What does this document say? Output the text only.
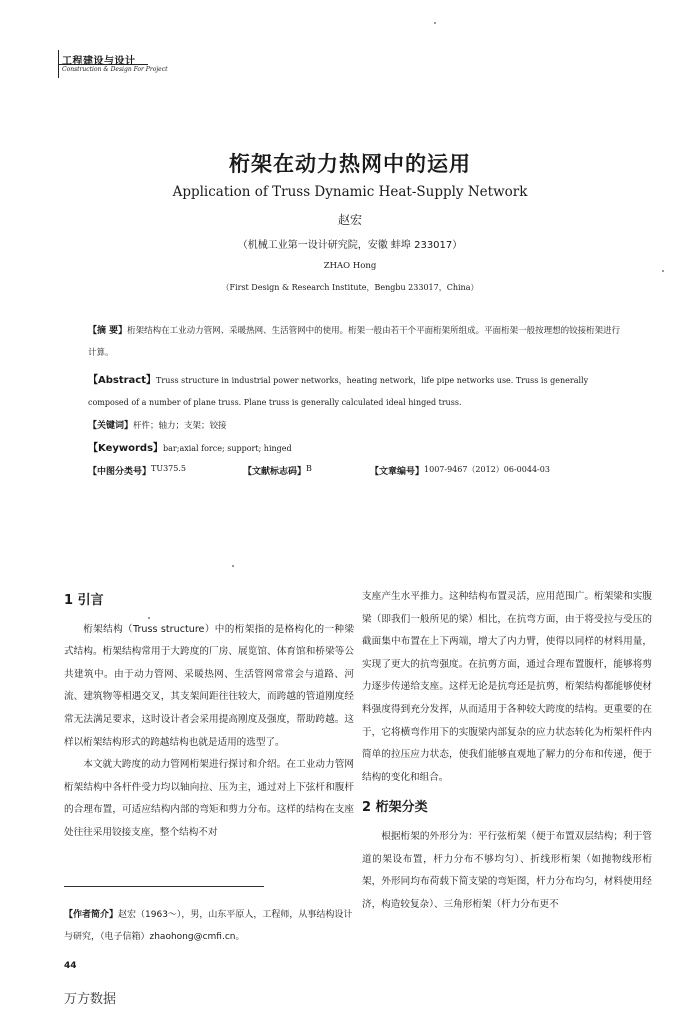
工程建设与设计
Construction & Design For Project
桁架在动力热网中的运用
Application of Truss Dynamic Heat-Supply Network
赵宏
（机械工业第一设计研究院，安徽 蚌埠 233017）
ZHAO Hong
（First Design & Research Institute，Bengbu 233017，China）
【摘 要】桁架结构在工业动力管网、采暖热网、生活管网中的使用。桁架一般由若干个平面桁架所组成。平面桁架一般按理想的铰接桁架进行计算。
【Abstract】Truss structure in industrial power networks，heating network，life pipe networks use. Truss is generally composed of a number of plane truss. Plane truss is generally calculated ideal hinged truss.
【关键词】杆件；轴力；支架；铰接
【Keywords】bar;axial force; support; hinged
【中图分类号】 TU375.5	【文献标志码】 B	【文章编号】 1007-9467（2012）06-0044-03
1 引言
桁架结构（Truss structure）中的桁架指的是格构化的一种梁式结构。桁架结构常用于大跨度的厂房、展览馆、体育馆和桥梁等公共建筑中。由于动力管网、采暖热网、生活管网常常会与道路、河流、建筑物等相遇交叉，其支架间距往往较大，而跨越的管道刚度经常无法满足要求，这时设计者会采用提高刚度及强度，帮助跨越。这样以桁架结构形式的跨越结构也就是适用的选型了。
本文就大跨度的动力管网桁架进行探讨和介绍。在工业动力管网桁架结构中各杆件受力均以轴向拉、压为主，通过对上下弦杆和腹杆的合理布置，可适应结构内部的弯矩和剪力分布。这样的结构在支座处往往采用铰接支座，整个结构不对
支座产生水平推力。这种结构布置灵活，应用范围广。桁架梁和实腹梁（即我们一般所见的梁）相比，在抗弯方面，由于将受拉与受压的截面集中布置在上下两端，增大了内力臂，使得以同样的材料用量，实现了更大的抗弯强度。在抗剪方面，通过合理布置腹杆，能够将剪力逐步传递给支座。这样无论是抗弯还是抗剪，桁架结构都能够使材料强度得到充分发挥，从而适用于各种较大跨度的结构。更重要的在于，它将横弯作用下的实腹梁内部复杂的应力状态转化为桁架杆件内简单的拉压应力状态，使我们能够直观地了解力的分布和传递，便于结构的变化和组合。
2 桁架分类
根据桁架的外形分为：平行弦桁架（便于布置双层结构；利于管道的架设布置，杆力分布不够均匀）、折线形桁架（如抛物线形桁架，外形同均布荷载下简支梁的弯矩图，杆力分布均匀，材料使用经济，构造较复杂）、三角形桁架（杆力分布更不
【作者简介】赵宏（1963～），男，山东平原人，工程师，从事结构设计与研究，（电子信箱）zhaohong@cmfi.cn。
44
万方数据
